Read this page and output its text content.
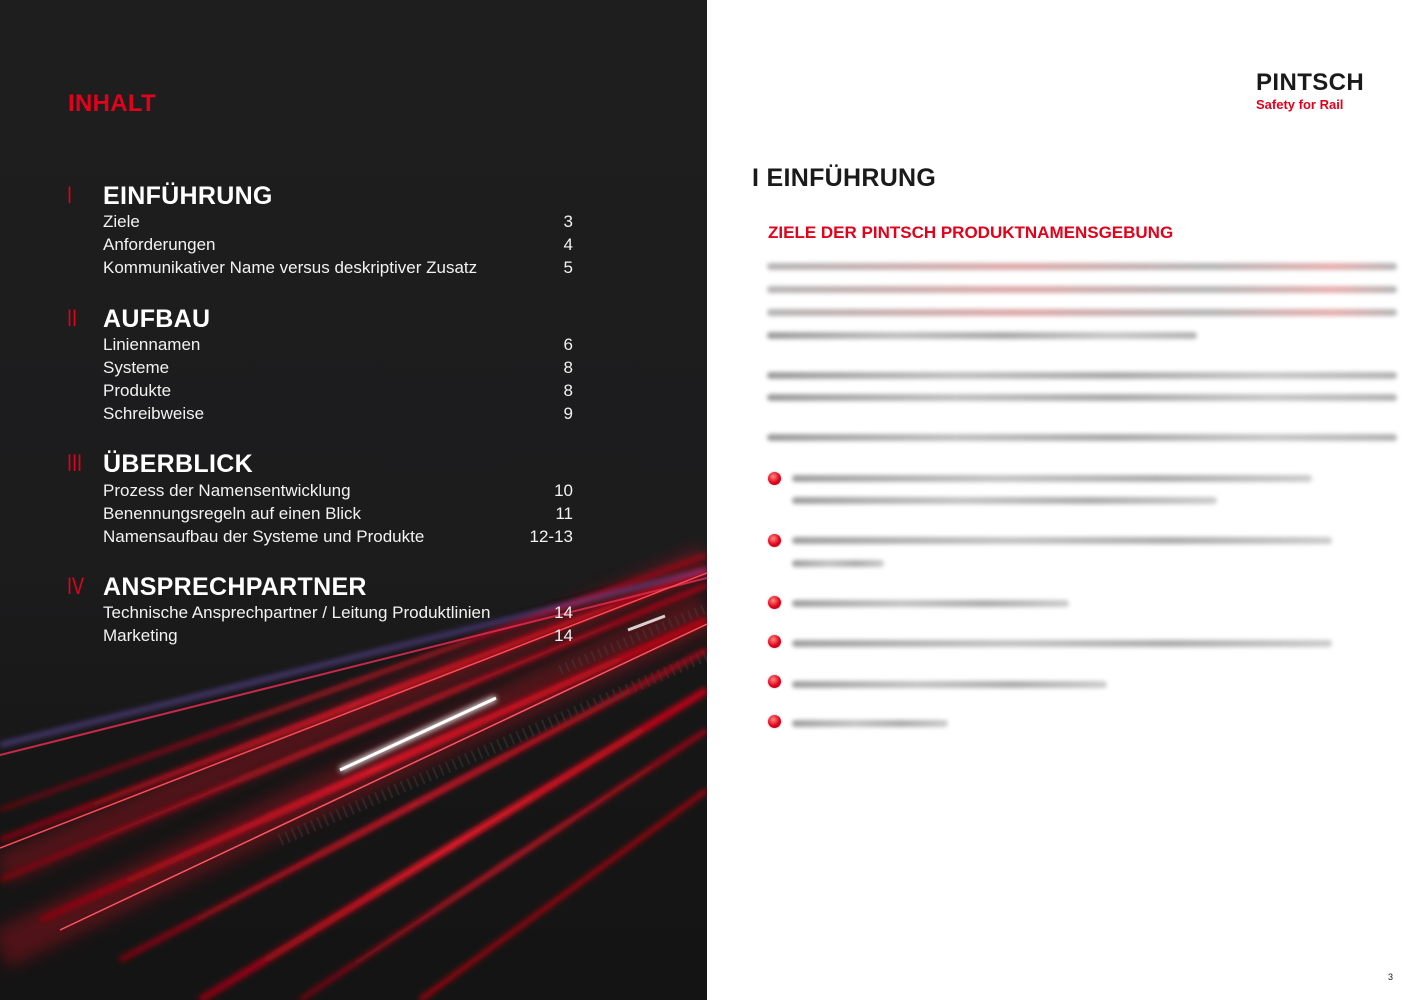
INHALT
I EINFÜHRUNG
Ziele	3
Anforderungen	4
Kommunikativer Name versus deskriptiver Zusatz	5
II AUFBAU
Liniennamen	6
Systeme	8
Produkte	8
Schreibweise	9
III ÜBERBLICK
Prozess der Namensentwicklung	10
Benennungsregeln auf einen Blick	11
Namensaufbau der Systeme und Produkte	12-13
IV ANSPRECHPARTNER
Technische Ansprechpartner / Leitung Produktlinien	14
Marketing	14
PINTSCH
Safety for Rail
I EINFÜHRUNG
ZIELE DER PINTSCH PRODUKTNAMENSGEBUNG
3
